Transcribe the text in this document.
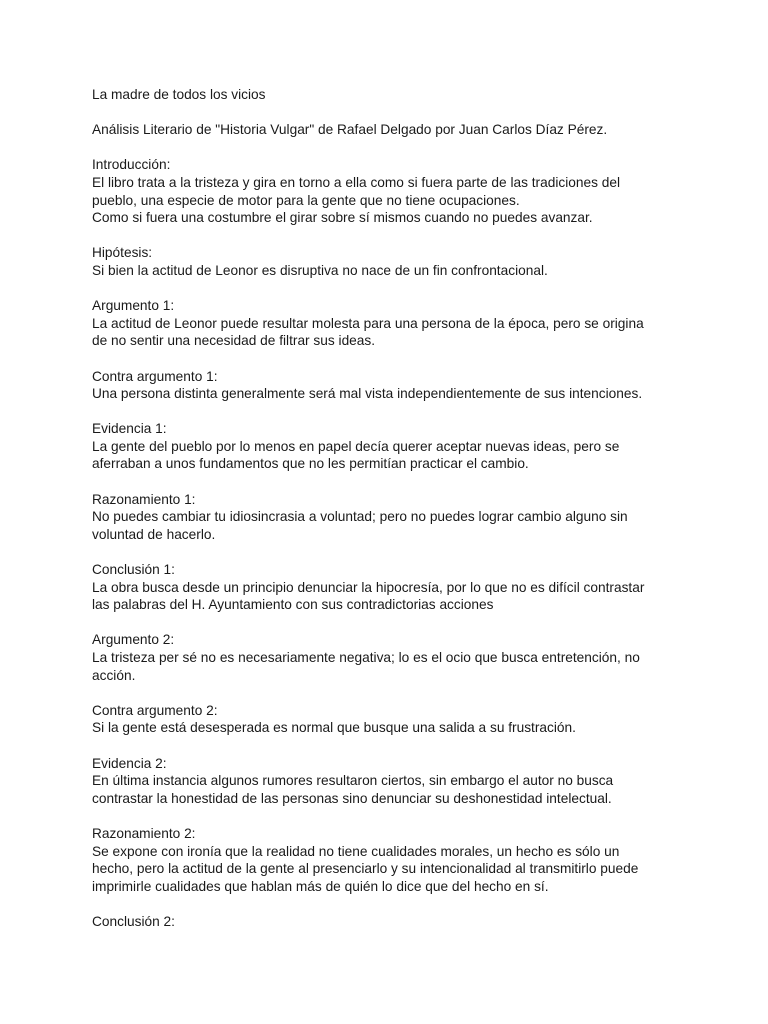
La madre de todos los vicios
Análisis Literario de "Historia Vulgar" de Rafael Delgado por Juan Carlos Díaz Pérez.
Introducción:
El libro trata a la tristeza y gira en torno a ella como si fuera parte de las tradiciones del
pueblo, una especie de motor para la gente que no tiene ocupaciones.
Como si fuera una costumbre el girar sobre sí mismos cuando no puedes avanzar.
Hipótesis:
Si bien la actitud de Leonor es disruptiva no nace de un fin confrontacional.
Argumento 1:
La actitud de Leonor puede resultar molesta para una persona de la época, pero se origina
de no sentir una necesidad de filtrar sus ideas.
Contra argumento 1:
Una persona distinta generalmente será mal vista independientemente de sus intenciones.
Evidencia 1:
La gente del pueblo por lo menos en papel decía querer aceptar nuevas ideas, pero se
aferraban a unos fundamentos que no les permitían practicar el cambio.
Razonamiento 1:
No puedes cambiar tu idiosincrasia a voluntad; pero no puedes lograr cambio alguno sin
voluntad de hacerlo.
Conclusión 1:
La obra busca desde un principio denunciar la hipocresía, por lo que no es difícil contrastar
las palabras del H. Ayuntamiento con sus contradictorias acciones
Argumento 2:
La tristeza per sé no es necesariamente negativa; lo es el ocio que busca entretención, no
acción.
Contra argumento 2:
Si la gente está desesperada es normal que busque una salida a su frustración.
Evidencia 2:
En última instancia algunos rumores resultaron ciertos, sin embargo el autor no busca
contrastar la honestidad de las personas sino denunciar su deshonestidad intelectual.
Razonamiento 2:
Se expone con ironía que la realidad no tiene cualidades morales, un hecho es sólo un
hecho, pero la actitud de la gente al presenciarlo y su intencionalidad al transmitirlo puede
imprimirle cualidades que hablan más de quién lo dice que del hecho en sí.
Conclusión 2:
